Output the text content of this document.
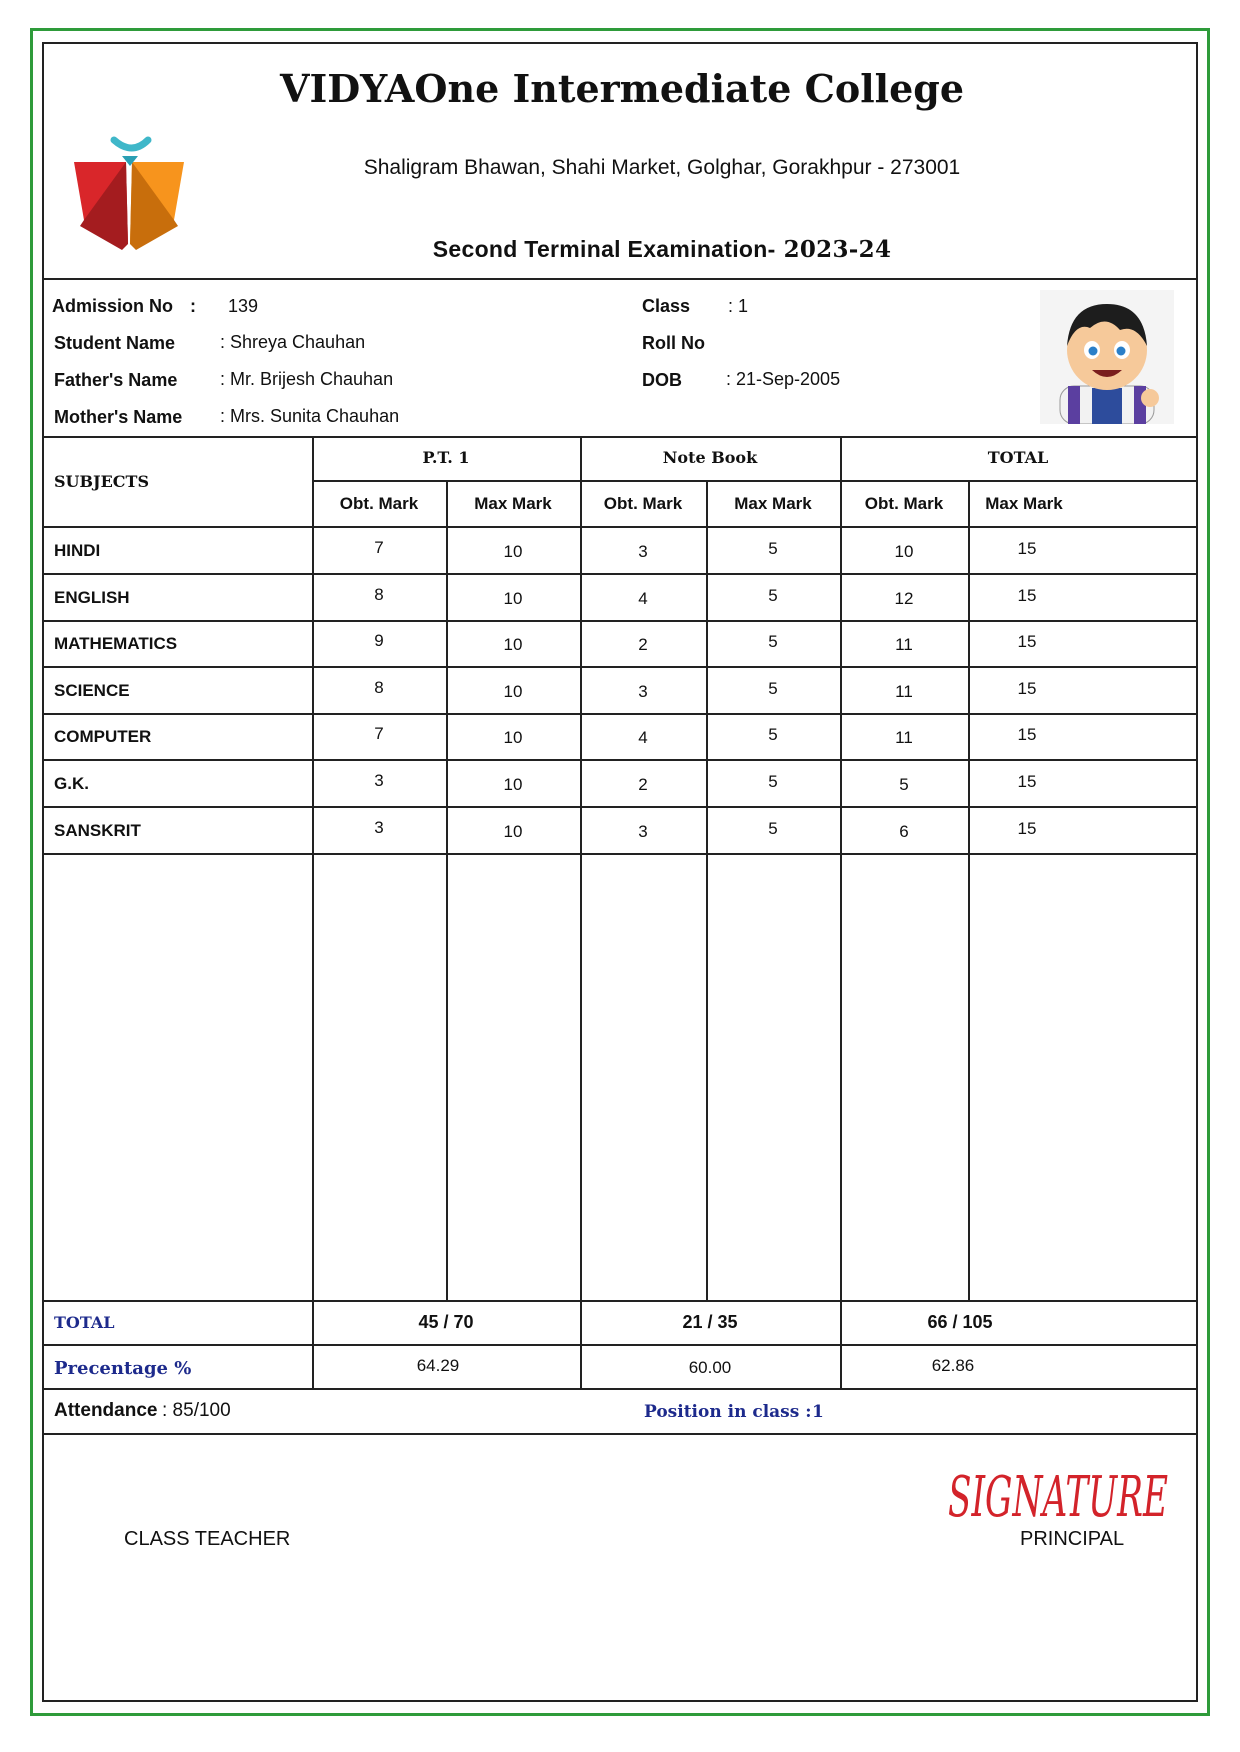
VIDYAOne Intermediate College
Shaligram Bhawan, Shahi Market, Golghar, Gorakhpur - 273001
Second Terminal Examination- 2023-24
Admission No : 139
Student Name : Shreya Chauhan
Father's Name : Mr. Brijesh Chauhan
Mother's Name : Mrs. Sunita Chauhan
Class : 1
Roll No
DOB : 21-Sep-2005
SUBJECTS
P.T. 1	Note Book	TOTAL
Obt. Mark	Max Mark	Obt. Mark	Max Mark	Obt. Mark	Max Mark
HINDI	7	10	3	5	10	15
ENGLISH	8	10	4	5	12	15
MATHEMATICS	9	10	2	5	11	15
SCIENCE	8	10	3	5	11	15
COMPUTER	7	10	4	5	11	15
G.K.	3	10	2	5	5	15
SANSKRIT	3	10	3	5	6	15
TOTAL	45 / 70	21 / 35	66 / 105
Precentage %	64.29	60.00	62.86
Attendance : 85/100	Position in class : 1
SIGNATURE
CLASS TEACHER	PRINCIPAL
